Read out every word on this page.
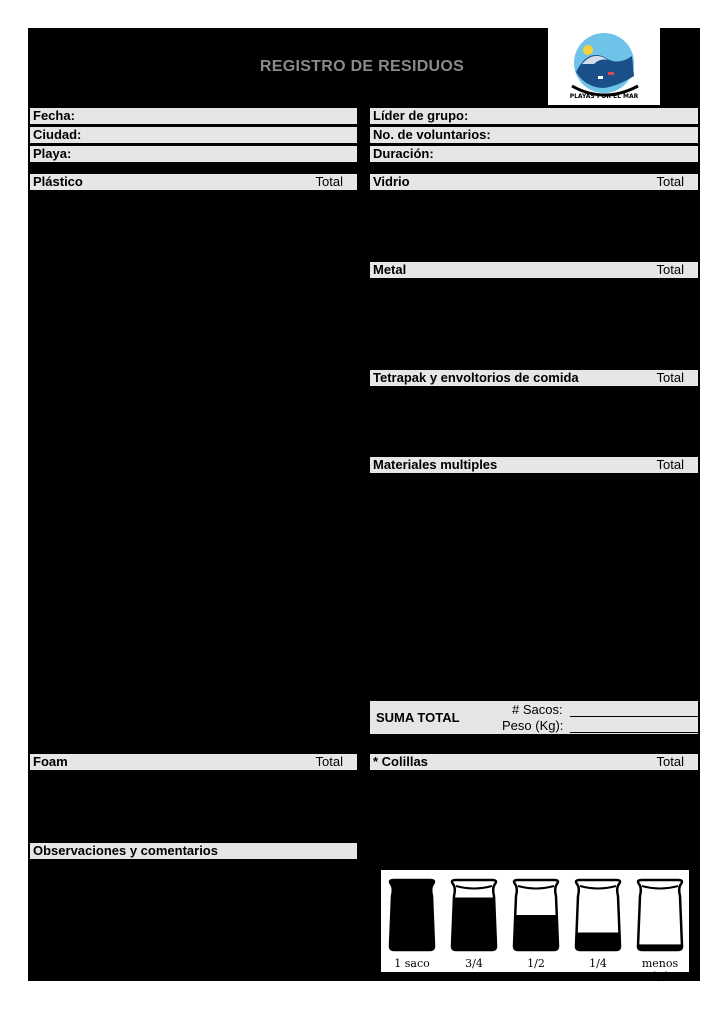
REGISTRO DE RESIDUOS
PLAYAS POR EL MAR
Fecha:
Ciudad:
Playa:
Líder de grupo:
No. de voluntarios:
Duración:
Plástico	Total Vidrio	Total
Metal	Total
Tetrapak y envoltorios de comida	Total
Materiales multiples	Total
SUMA TOTAL
# Sacos:
Peso (Kg):
Foam	Total * Colillas	Total
Observaciones y comentarios
1 saco	3/4	1/2	1/4	menos 1/4
